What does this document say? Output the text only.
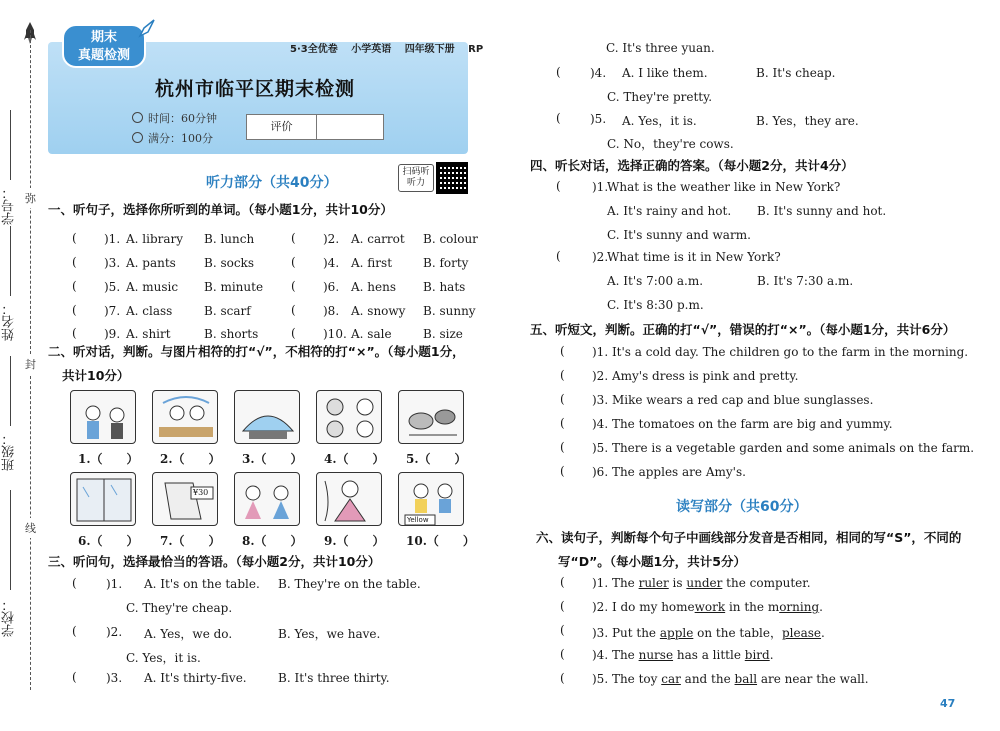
学号：
姓名：
班级：
学校：
弥
封
线
期末
真题检测	5·3全优卷 小学英语 四年级下册 RP
杭州市临平区期末检测
时间：60分钟
满分：100分
评价
听力部分（共40分）
扫码听听力
一、听句子，选择你所听到的单词。（每小题1分，共计10分）
( )1. A. library B. lunch	( )2. A. carrot B. colour
( )3. A. pants B. socks	( )4. A. first	B. forty
( )5. A. music B. minute ( )6. A. hens B. hats
( )7. A. class	B. scarf	( )8. A. snowy B. sunny
( )9. A. shirt	B. shorts	( )10. A. sale	B. size
二、听对话，判断。与图片相符的打“√”，不相符的打“×”。（每小题1分，
共计10分）
1.（　　） 2.（　　） 3.（　　） 4.（　　） 5.（　　）
6.（　　）
¥30
7.（　　） 8.（　　） 9.（　　）
Yellow
10.（　　）
三、听问句，选择最恰当的答语。（每小题2分，共计10分）
( )1. A. It's on the table. B. They're on the table.
C. They're cheap.
( )2. A. Yes，we do.	B. Yes，we have.
C. Yes，it is.
( )3. A. It's thirty-five.	B. It's three thirty.
C. It's three yuan.
( )4. A. I like them.	B. It's cheap.
C. They're pretty.
( )5. A. Yes，it is.	B. Yes，they are.
C. No，they're cows.
四、听长对话，选择正确的答案。（每小题2分，共计4分）
(	)1.
What is the weather like in New York?
A. It's rainy and hot. B. It's sunny and hot.
C. It's sunny and warm.
(	)2.
What time is it in New York?
A. It's 7:00 a.m.	B. It's 7:30 a.m.
C. It's 8:30 p.m.
五、听短文，判断。正确的打“√”，错误的打“×”。（每小题1分，共计6分）
( )1. It's a cold day. The children go to the farm in the morning.
( )2. Amy's dress is pink and pretty.
( )3. Mike wears a red cap and blue sunglasses.
( )4. The tomatoes on the farm are big and yummy.
( )5. There is a vegetable garden and some animals on the farm.
( )6. The apples are Amy's.
读写部分（共60分）
六、读句子，判断每个句子中画线部分发音是否相同，相同的写“S”，不同的
写“D”。（每小题1分，共计5分）
( )1. The ruler is under the computer.
( )2. I do my homework in the morning.
( )3. Put the apple on the table，please.
( )4. The nurse has a little bird.
( )5. The toy car and the ball are near the wall.
47
